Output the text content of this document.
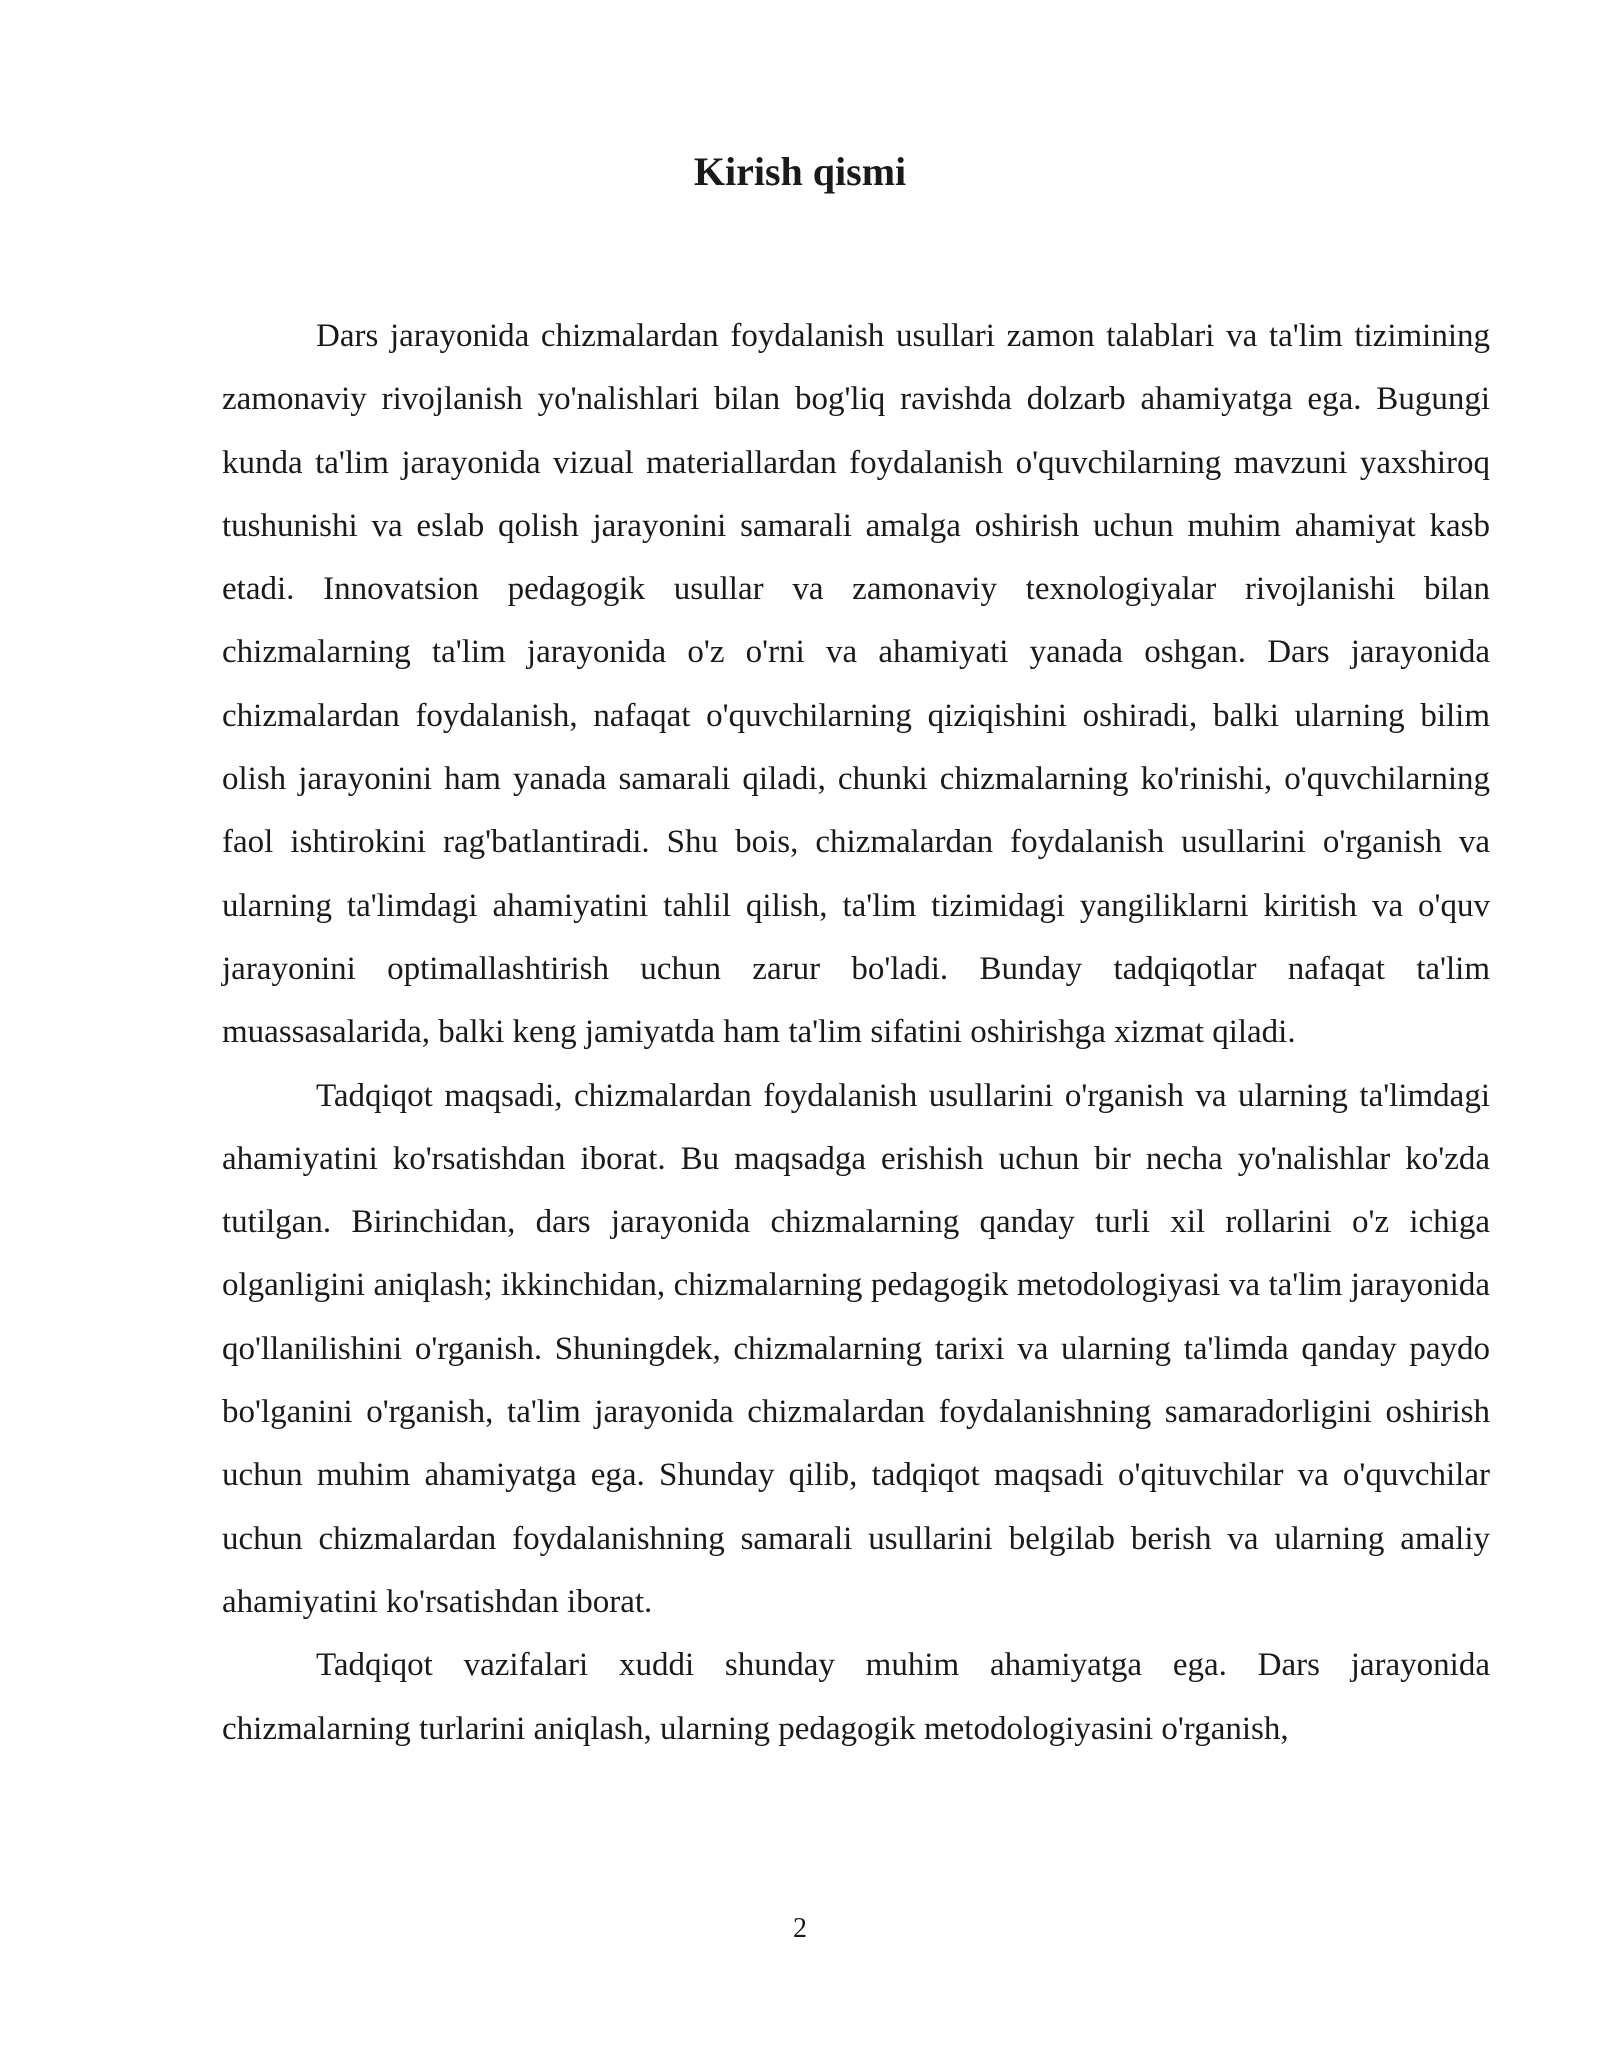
Kirish qismi

Dars jarayonida chizmalardan foydalanish usullari zamon talablari va ta'lim tizimining zamonaviy rivojlanish yo'nalishlari bilan bog'liq ravishda dolzarb ahamiyatga ega. Bugungi kunda ta'lim jarayonida vizual materiallardan foydalanish o'quvchilarning mavzuni yaxshiroq tushunishi va eslab qolish jarayonini samarali amalga oshirish uchun muhim ahamiyat kasb etadi. Innovatsion pedagogik usullar va zamonaviy texnologiyalar rivojlanishi bilan chizmalarning ta'lim jarayonida o'z o'rni va ahamiyati yanada oshgan. Dars jarayonida chizmalardan foydalanish, nafaqat o'quvchilarning qiziqishini oshiradi, balki ularning bilim olish jarayonini ham yanada samarali qiladi, chunki chizmalarning ko'rinishi, o'quvchilarning faol ishtirokini rag'batlantiradi. Shu bois, chizmalardan foydalanish usullarini o'rganish va ularning ta'limdagi ahamiyatini tahlil qilish, ta'lim tizimidagi yangiliklarni kiritish va o'quv jarayonini optimallashtirish uchun zarur bo'ladi. Bunday tadqiqotlar nafaqat ta'lim muassasalarida, balki keng jamiyatda ham ta'lim sifatini oshirishga xizmat qiladi.

Tadqiqot maqsadi, chizmalardan foydalanish usullarini o'rganish va ularning ta'limdagi ahamiyatini ko'rsatishdan iborat. Bu maqsadga erishish uchun bir necha yo'nalishlar ko'zda tutilgan. Birinchidan, dars jarayonida chizmalarning qanday turli xil rollarini o'z ichiga olganligini aniqlash; ikkinchidan, chizmalarning pedagogik metodologiyasi va ta'lim jarayonida qo'llanilishini o'rganish. Shuningdek, chizmalarning tarixi va ularning ta'limda qanday paydo bo'lganini o'rganish, ta'lim jarayonida chizmalardan foydalanishning samaradorligini oshirish uchun muhim ahamiyatga ega. Shunday qilib, tadqiqot maqsadi o'qituvchilar va o'quvchilar uchun chizmalardan foydalanishning samarali usullarini belgilab berish va ularning amaliy ahamiyatini ko'rsatishdan iborat.

Tadqiqot vazifalari xuddi shunday muhim ahamiyatga ega. Dars jarayonida chizmalarning turlarini aniqlash, ularning pedagogik metodologiyasini o'rganish,

2
